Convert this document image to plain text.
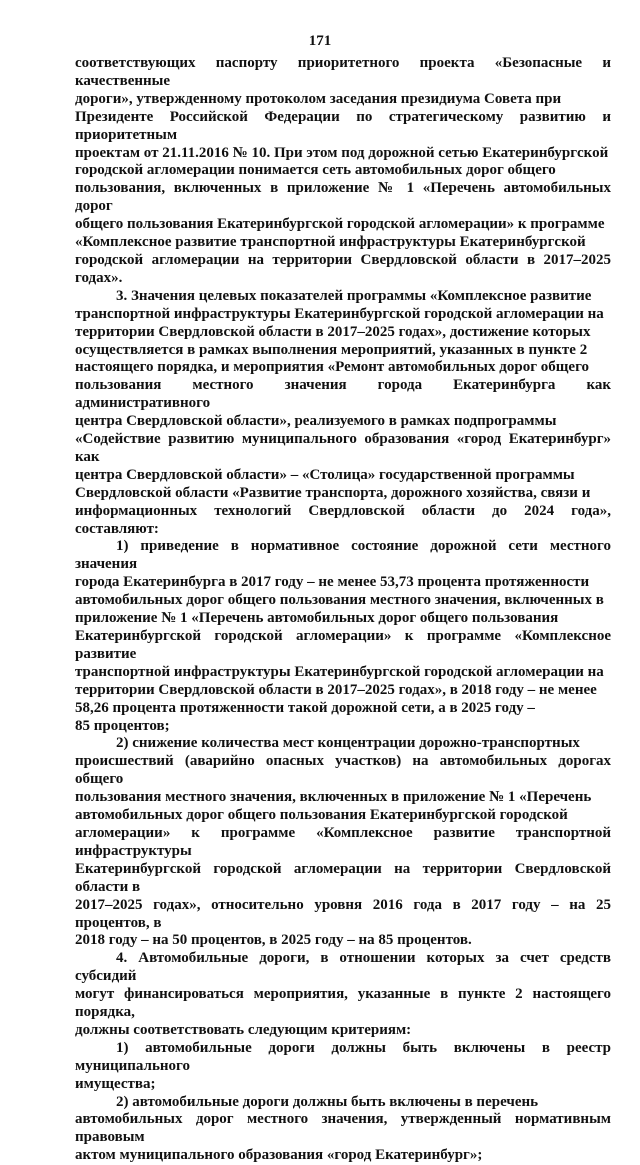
171

соответствующих паспорту приоритетного проекта «Безопасные и качественные
дороги», утвержденному протоколом заседания президиума Совета при
Президенте Российской Федерации по стратегическому развитию и приоритетным
проектам от 21.11.2016 № 10. При этом под дорожной сетью Екатеринбургской
городской агломерации понимается сеть автомобильных дорог общего
пользования, включенных в приложение № 1 «Перечень автомобильных дорог
общего пользования Екатеринбургской городской агломерации» к программе
«Комплексное развитие транспортной инфраструктуры Екатеринбургской
городской агломерации на территории Свердловской области в 2017–2025 годах».

3. Значения целевых показателей программы «Комплексное развитие
транспортной инфраструктуры Екатеринбургской городской агломерации на
территории Свердловской области в 2017–2025 годах», достижение которых
осуществляется в рамках выполнения мероприятий, указанных в пункте 2
настоящего порядка, и мероприятия «Ремонт автомобильных дорог общего
пользования местного значения города Екатеринбурга как административного
центра Свердловской области», реализуемого в рамках подпрограммы
«Содействие развитию муниципального образования «город Екатеринбург» как
центра Свердловской области» – «Столица» государственной программы
Свердловской области «Развитие транспорта, дорожного хозяйства, связи и
информационных технологий Свердловской области до 2024 года», составляют:

1) приведение в нормативное состояние дорожной сети местного значения
города Екатеринбурга в 2017 году – не менее 53,73 процента протяженности
автомобильных дорог общего пользования местного значения, включенных в
приложение № 1 «Перечень автомобильных дорог общего пользования
Екатеринбургской городской агломерации» к программе «Комплексное развитие
транспортной инфраструктуры Екатеринбургской городской агломерации на
территории Свердловской области в 2017–2025 годах», в 2018 году – не менее
58,26 процента протяженности такой дорожной сети, а в 2025 году –
85 процентов;

2) снижение количества мест концентрации дорожно-транспортных
происшествий (аварийно опасных участков) на автомобильных дорогах общего
пользования местного значения, включенных в приложение № 1 «Перечень
автомобильных дорог общего пользования Екатеринбургской городской
агломерации» к программе «Комплексное развитие транспортной инфраструктуры
Екатеринбургской городской агломерации на территории Свердловской области в
2017–2025 годах», относительно уровня 2016 года в 2017 году – на 25 процентов, в
2018 году – на 50 процентов, в 2025 году – на 85 процентов.

4. Автомобильные дороги, в отношении которых за счет средств субсидий
могут финансироваться мероприятия, указанные в пункте 2 настоящего порядка,
должны соответствовать следующим критериям:

1) автомобильные дороги должны быть включены в реестр муниципального
имущества;

2) автомобильные дороги должны быть включены в перечень
автомобильных дорог местного значения, утвержденный нормативным правовым
актом муниципального образования «город Екатеринбург»;
